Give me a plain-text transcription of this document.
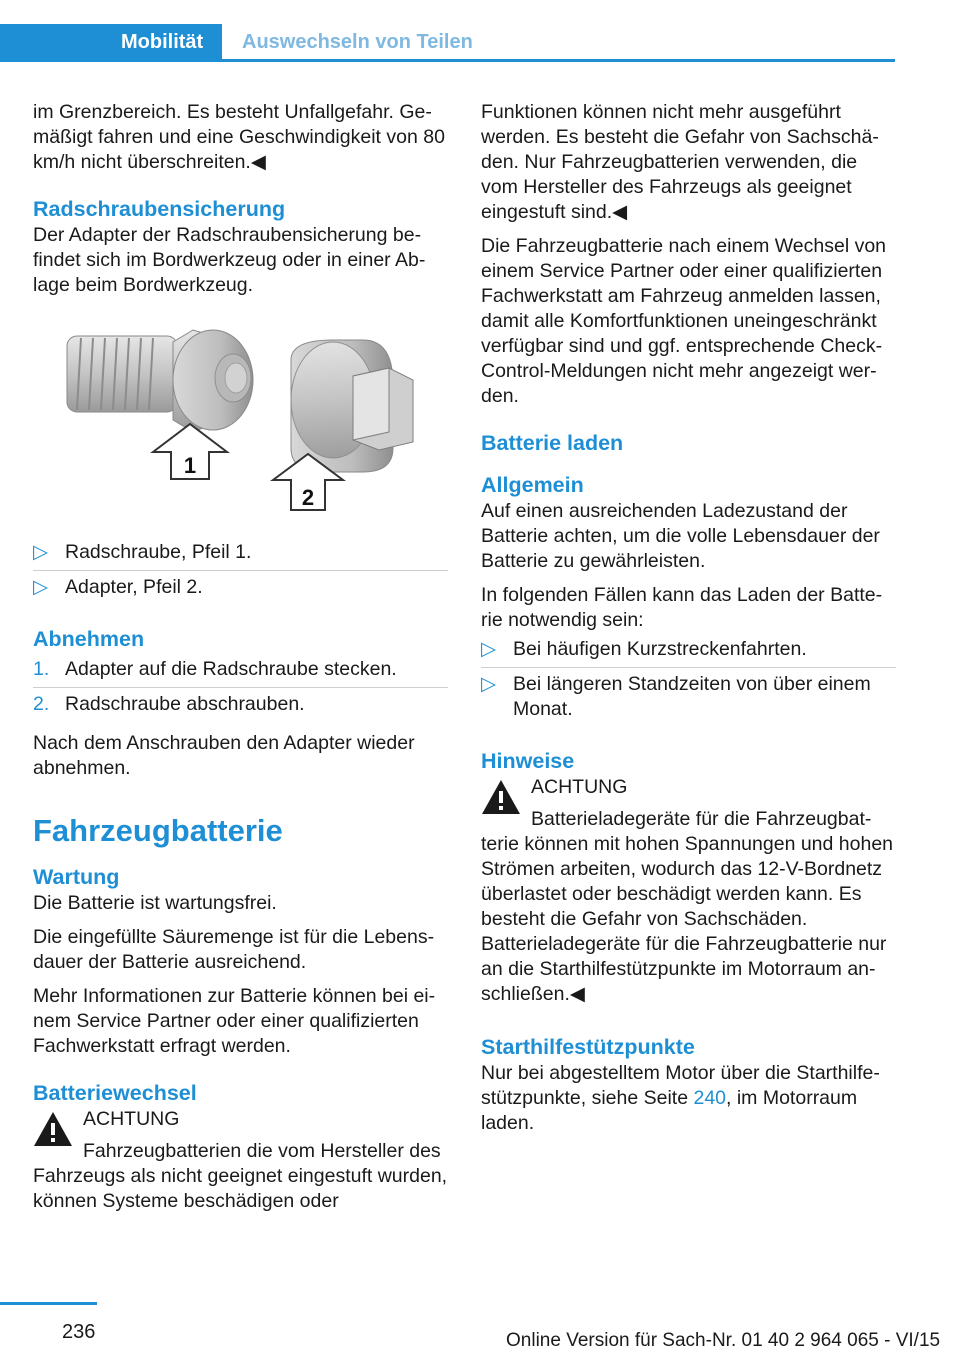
Mobilität Auswechseln von Teilen

im Grenzbereich. Es besteht Unfallgefahr. Gemäßigt fahren und eine Geschwindigkeit von 80 km/h nicht überschreiten.◀

Radschraubensicherung

Der Adapter der Radschraubensicherung befindet sich im Bordwerkzeug oder in einer Ablage beim Bordwerkzeug.

1
2
▷ Radschraube, Pfeil 1.
▷ Adapter, Pfeil 2.
Abnehmen
1. Adapter auf die Radschraube stecken.
2. Radschraube abschrauben.

Nach dem Anschrauben den Adapter wieder abnehmen.

Fahrzeugbatterie
Wartung

Die Batterie ist wartungsfrei.

Die eingefüllte Säuremenge ist für die Lebensdauer der Batterie ausreichend.

Mehr Informationen zur Batterie können bei einem Service Partner oder einer qualifizierten Fachwerkstatt erfragt werden.

Batteriewechsel
ACHTUNG
Fahrzeugbatterien die vom Hersteller des Fahrzeugs als nicht geeignet eingestuft wurden, können Systeme beschädigen oder

Funktionen können nicht mehr ausgeführt werden. Es besteht die Gefahr von Sachschäden. Nur Fahrzeugbatterien verwenden, die vom Hersteller des Fahrzeugs als geeignet eingestuft sind.◀

Die Fahrzeugbatterie nach einem Wechsel von einem Service Partner oder einer qualifizierten Fachwerkstatt am Fahrzeug anmelden lassen, damit alle Komfortfunktionen uneingeschränkt verfügbar sind und ggf. entsprechende Check-Control-Meldungen nicht mehr angezeigt werden.

Batterie laden
Allgemein

Auf einen ausreichenden Ladezustand der Batterie achten, um die volle Lebensdauer der Batterie zu gewährleisten.

In folgenden Fällen kann das Laden der Batterie notwendig sein:

▷ Bei häufigen Kurzstreckenfahrten.
▷ Bei längeren Standzeiten von über einem Monat.
Hinweise
ACHTUNG
Batterieladegeräte für die Fahrzeugbatterie können mit hohen Spannungen und hohen Strömen arbeiten, wodurch das 12-V-Bordnetz überlastet oder beschädigt werden kann. Es besteht die Gefahr von Sachschäden. Batterieladegeräte für die Fahrzeugbatterie nur an die Starthilfestützpunkte im Motorraum anschließen.◀
Starthilfestützpunkte

Nur bei abgestelltem Motor über die Starthilfestützpunkte, siehe Seite 240, im Motorraum laden.

236	Online Version für Sach-Nr. 01 40 2 964 065 - VI/15
